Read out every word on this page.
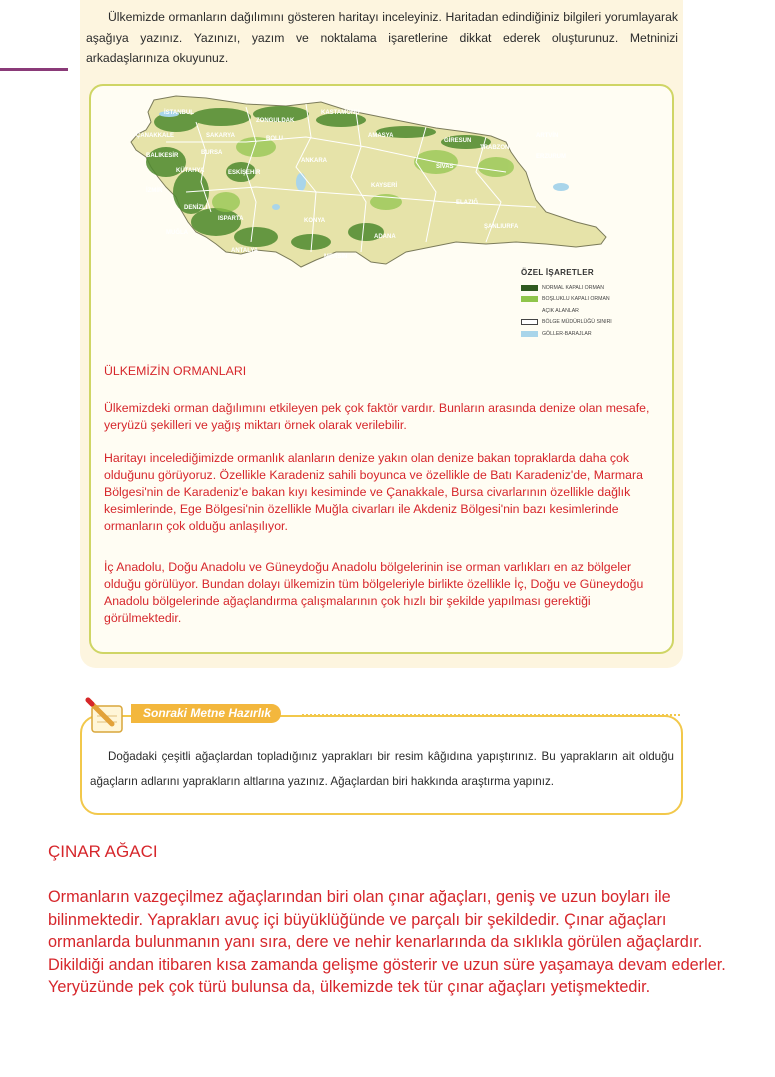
Ülkemizde ormanların dağılımını gösteren haritayı inceleyiniz. Haritadan edindiğiniz bilgileri yorumlayarak aşağıya yazınız. Yazınızı, yazım ve noktalama işaretlerine dikkat ederek oluşturunuz. Metninizi arkadaşlarınıza okuyunuz.

İSTANBUL
ZONGULDAK
KASTAMONU
ÇANAKKALE	SAKARYA	BOLU	AMASYA
GİRESUN
TRABZON
ARTVİN
BALIKESİR	BURSA
ERZURUM
KÜTAHYA	ESKİŞEHİR
ANKARA
SİVAS
İZMİR
KAYSERİ
DENİZLİ
ISPARTA	KONYA
ELAZIĞ
MUĞLA
ANTALYA
ADANA
ŞANLIURFA
MERSİN
ÖZEL İŞARETLER
NORMAL KAPALI ORMAN
BOŞLUKLU KAPALI ORMAN
AÇIK ALANLAR
BÖLGE MÜDÜRLÜĞÜ SINIRI
GÖLLER-BARAJLAR

ÜLKEMİZİN ORMANLARI

Ülkemizdeki orman dağılımını etkileyen pek çok faktör vardır. Bunların arasında denize olan mesafe, yeryüzü şekilleri ve yağış miktarı örnek olarak verilebilir.

Haritayı incelediğimizde ormanlık alanların denize yakın olan denize bakan topraklarda daha çok olduğunu görüyoruz. Özellikle Karadeniz sahili boyunca ve özellikle de Batı Karadeniz'de, Marmara Bölgesi'nin de Karadeniz'e bakan kıyı kesiminde ve Çanakkale, Bursa civarlarının özellikle dağlık kesimlerinde, Ege Bölgesi'nin özellikle Muğla civarları ile Akdeniz Bölgesi'nin bazı kesimlerinde ormanların çok olduğu anlaşılıyor.

İç Anadolu, Doğu Anadolu ve Güneydoğu Anadolu bölgelerinin ise orman varlıkları en az bölgeler olduğu görülüyor. Bundan dolayı ülkemizin tüm bölgeleriyle birlikte özellikle İç, Doğu ve Güneydoğu Anadolu bölgelerinde ağaçlandırma çalışmalarının çok hızlı bir şekilde yapılması gerektiği görülmektedir.

Sonraki Metne Hazırlık

Doğadaki çeşitli ağaçlardan topladığınız yaprakları bir resim kâğıdına yapıştırınız. Bu yaprakların ait olduğu ağaçların adlarını yaprakların altlarına yazınız. Ağaçlardan biri hakkında araştırma yapınız.

ÇINAR AĞACI

Ormanların vazgeçilmez ağaçlarından biri olan çınar ağaçları, geniş ve uzun boyları ile bilinmektedir. Yaprakları avuç içi büyüklüğünde ve parçalı bir şekildedir. Çınar ağaçları ormanlarda bulunmanın yanı sıra, dere ve nehir kenarlarında da sıklıkla görülen ağaçlardır. Dikildiği andan itibaren kısa zamanda gelişme gösterir ve uzun süre yaşamaya devam ederler. Yeryüzünde pek çok türü bulunsa da, ülkemizde tek tür çınar ağaçları yetişmektedir.
